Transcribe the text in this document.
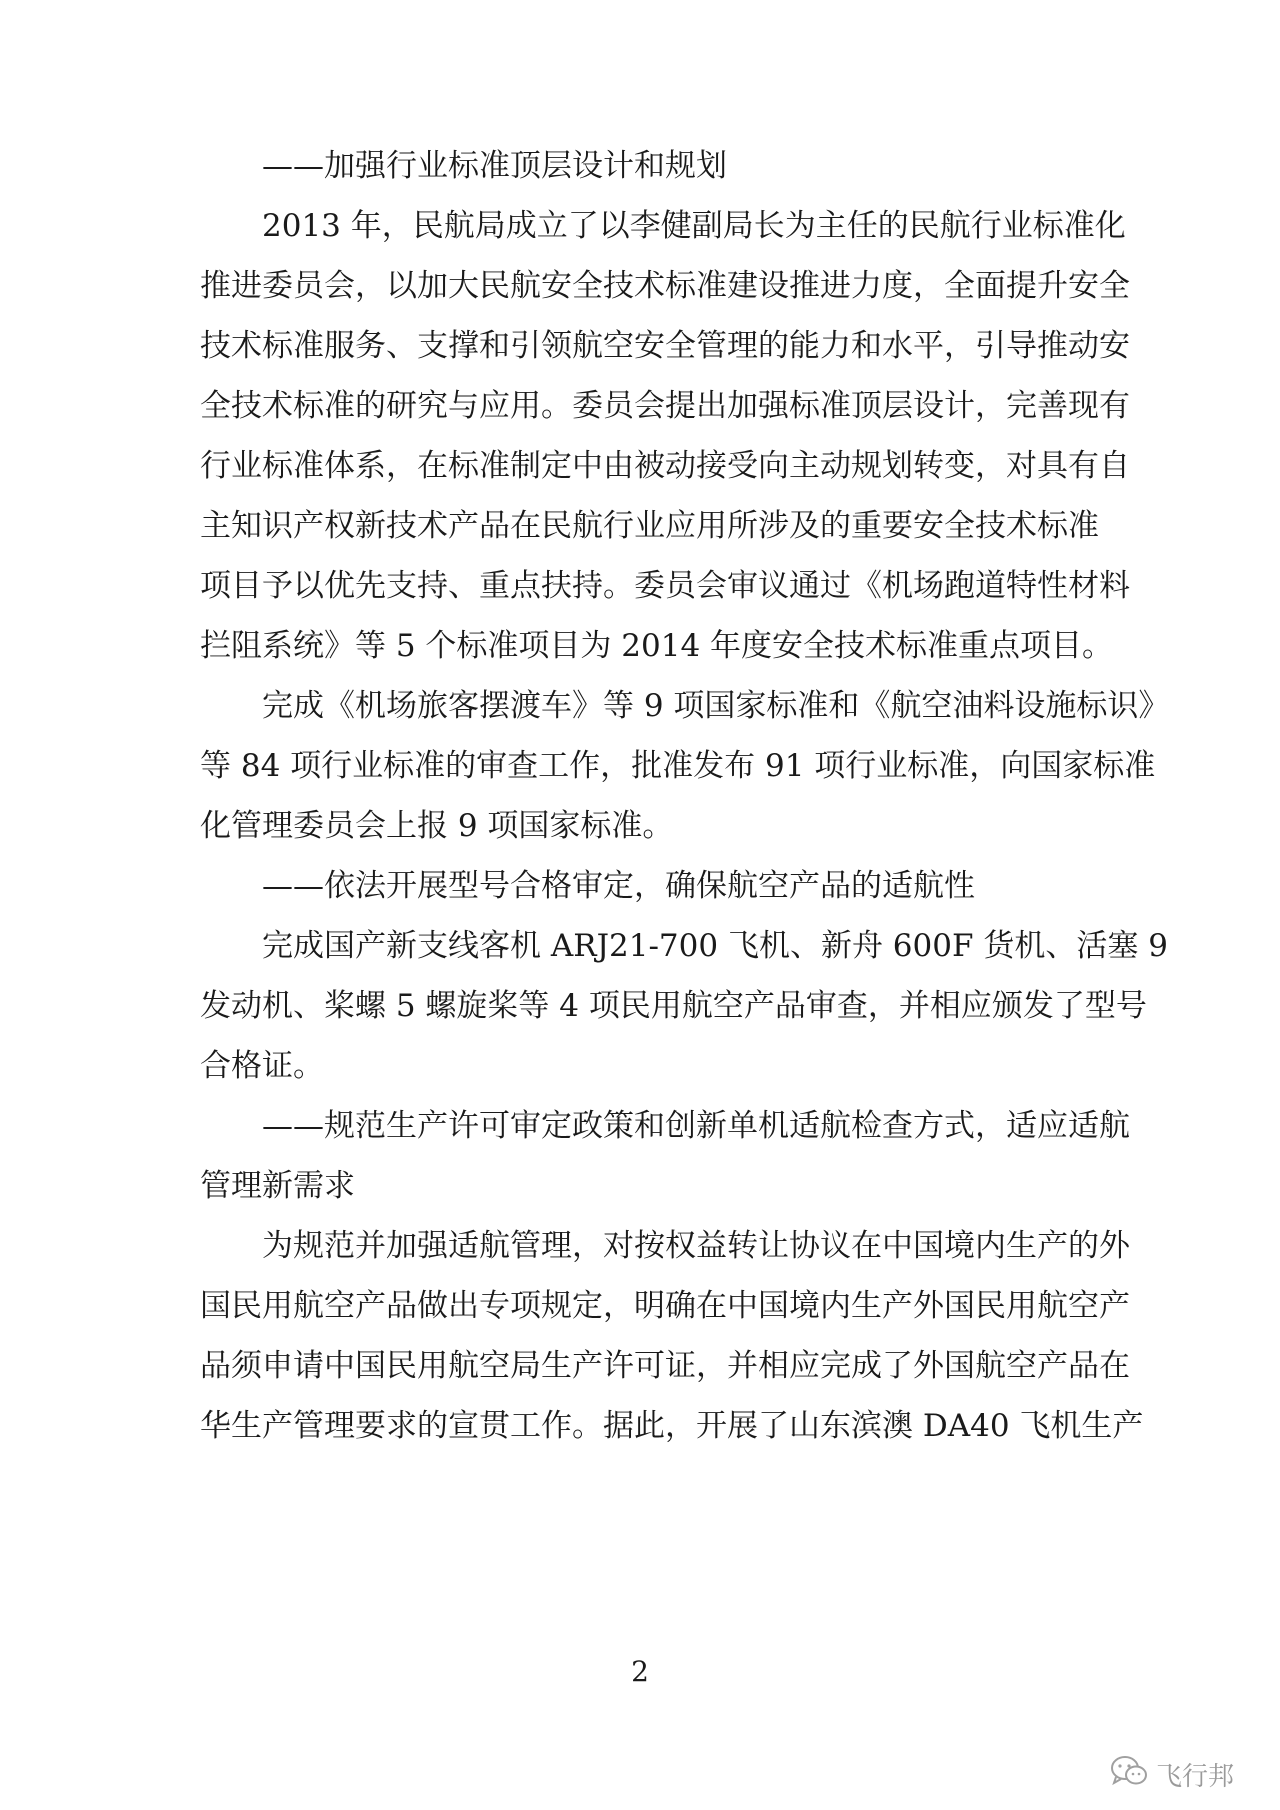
——加强行业标准顶层设计和规划
2013 年，民航局成立了以李健副局长为主任的民航行业标准化
推进委员会，以加大民航安全技术标准建设推进力度，全面提升安全
技术标准服务、支撑和引领航空安全管理的能力和水平，引导推动安
全技术标准的研究与应用。委员会提出加强标准顶层设计，完善现有
行业标准体系，在标准制定中由被动接受向主动规划转变，对具有自
主知识产权新技术产品在民航行业应用所涉及的重要安全技术标准
项目予以优先支持、重点扶持。委员会审议通过《机场跑道特性材料
拦阻系统》等 5 个标准项目为 2014 年度安全技术标准重点项目。
完成《机场旅客摆渡车》等 9 项国家标准和《航空油料设施标识》
等 84 项行业标准的审查工作，批准发布 91 项行业标准，向国家标准
化管理委员会上报 9 项国家标准。
——依法开展型号合格审定，确保航空产品的适航性
完成国产新支线客机 ARJ21-700 飞机、新舟 600F 货机、活塞 9
发动机、桨螺 5 螺旋桨等 4 项民用航空产品审查，并相应颁发了型号
合格证。
——规范生产许可审定政策和创新单机适航检查方式，适应适航
管理新需求
为规范并加强适航管理，对按权益转让协议在中国境内生产的外
国民用航空产品做出专项规定，明确在中国境内生产外国民用航空产
品须申请中国民用航空局生产许可证，并相应完成了外国航空产品在
华生产管理要求的宣贯工作。据此，开展了山东滨澳 DA40 飞机生产
2
飞行邦
